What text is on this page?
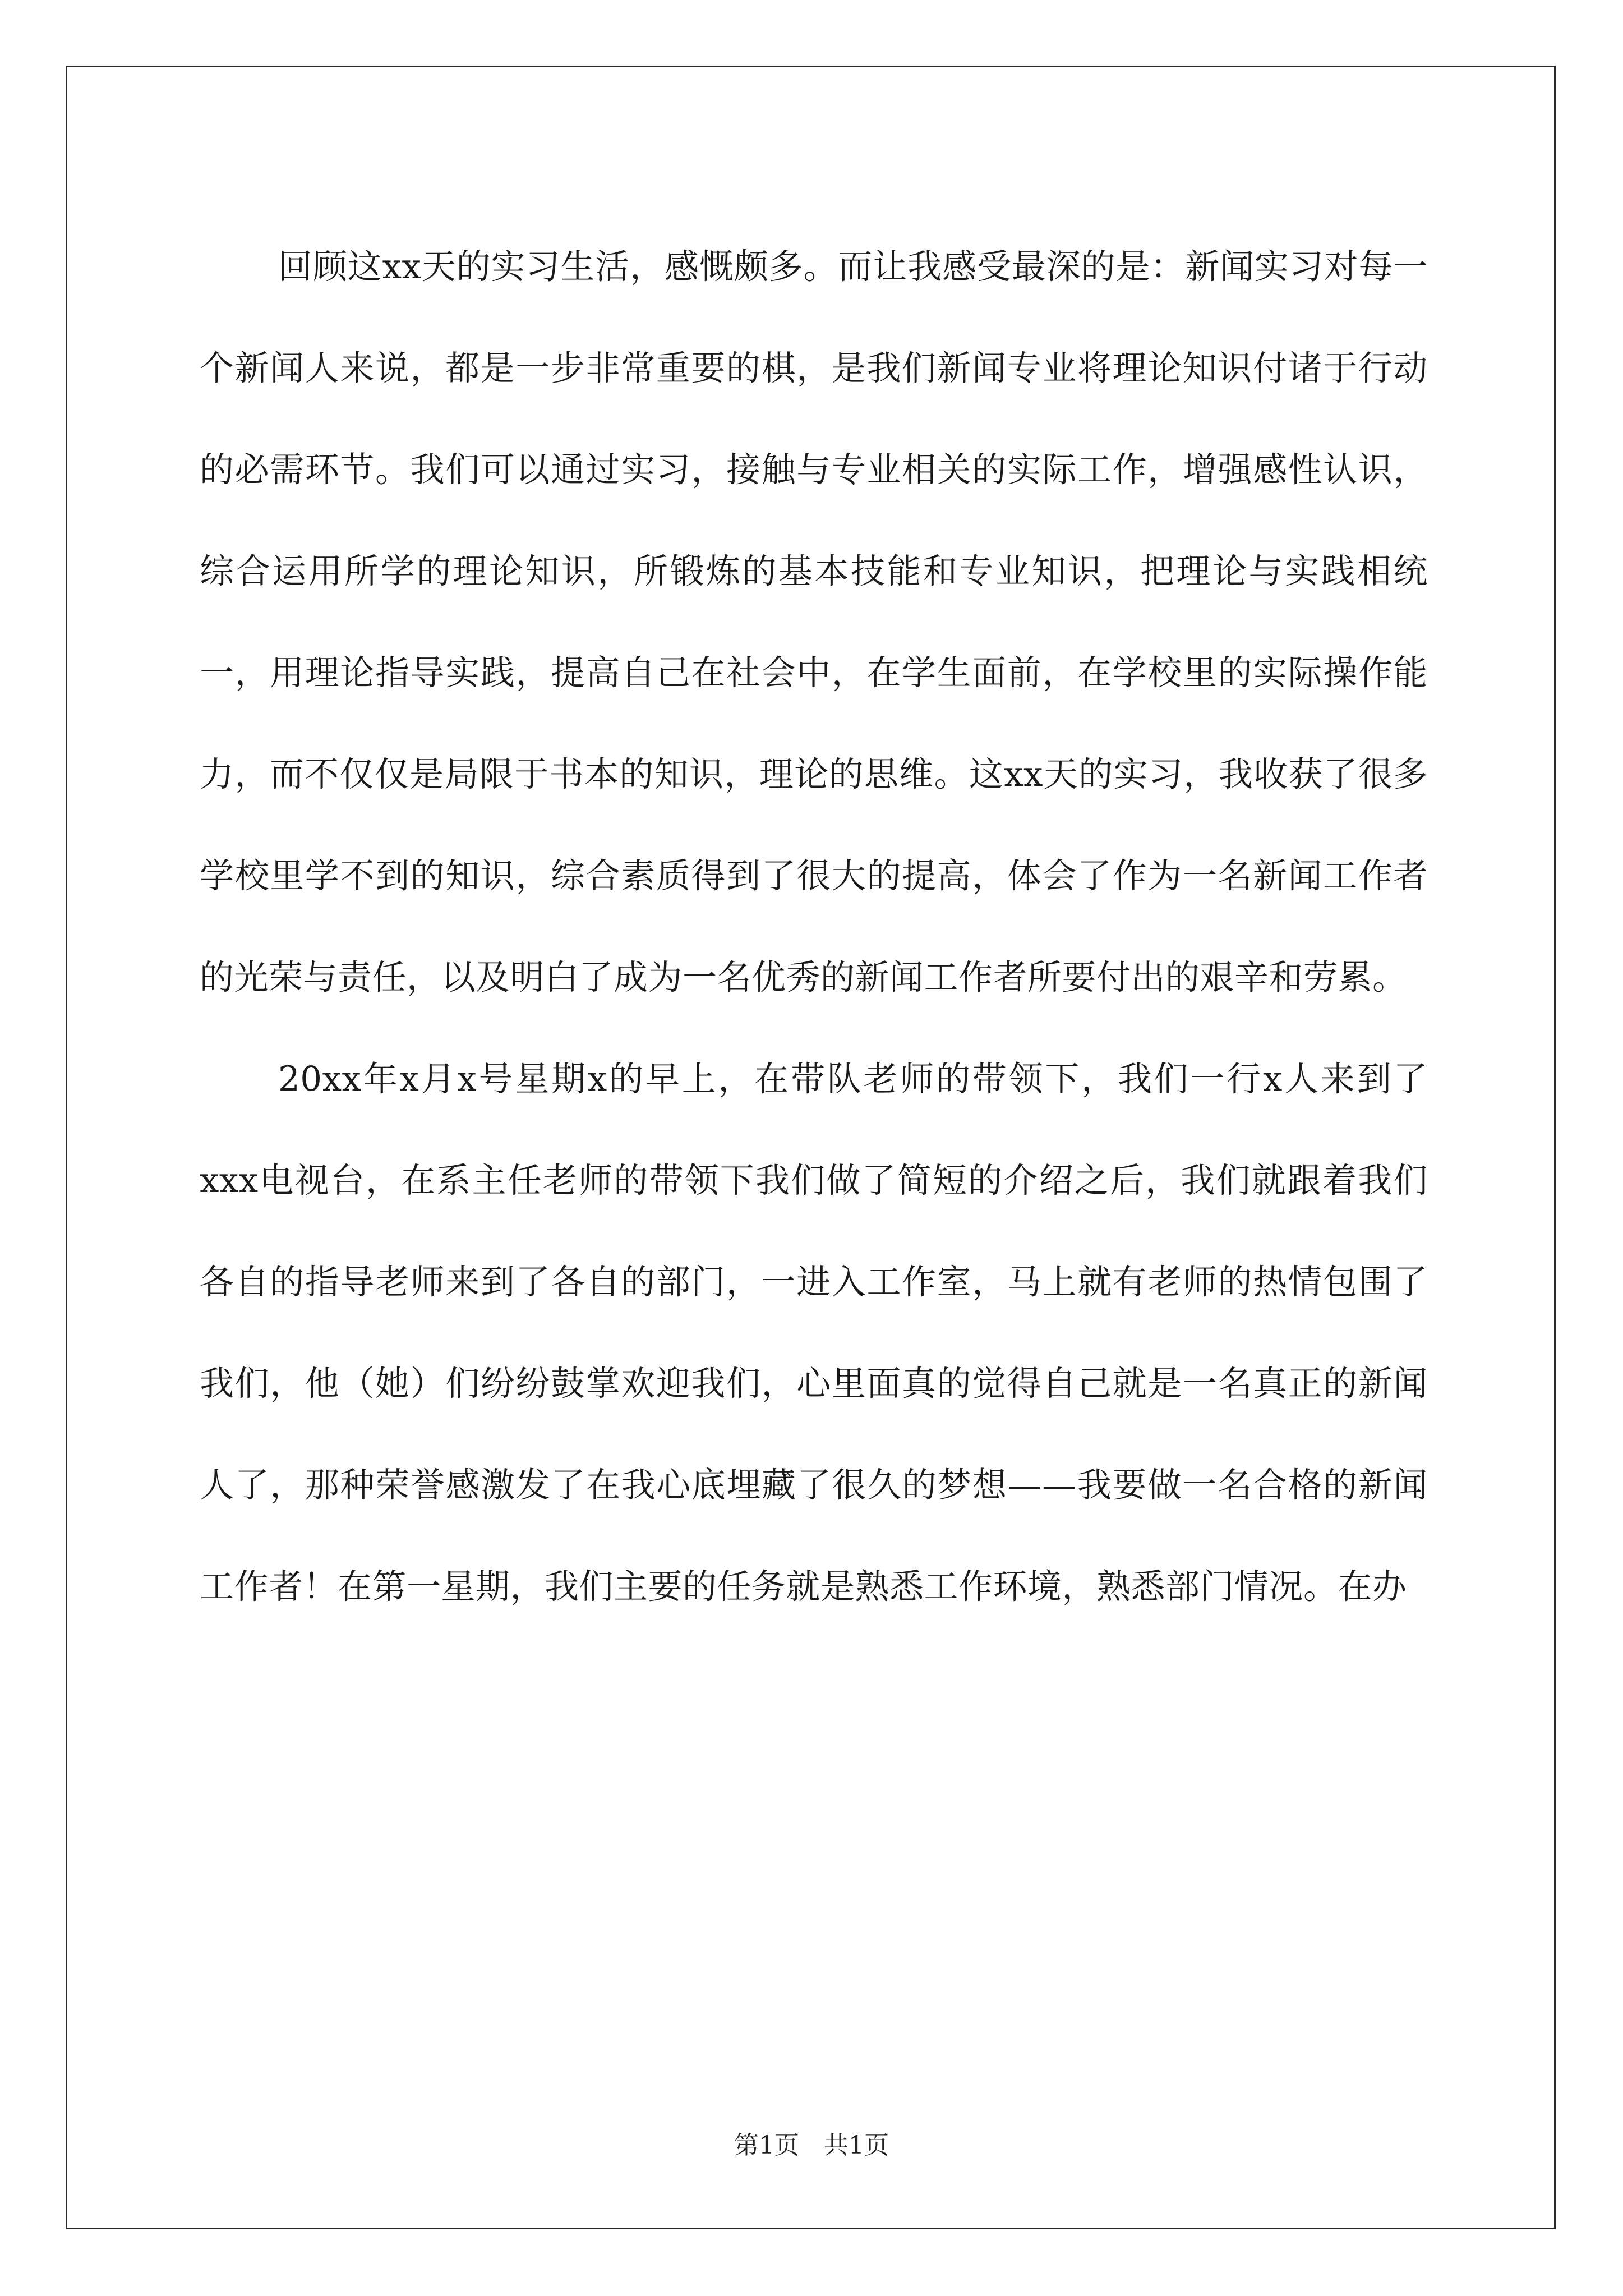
回顾这xx天的实习生活，感慨颇多。而让我感受最深的是：新闻实习对每一个新闻人来说，都是一步非常重要的棋，是我们新闻专业将理论知识付诸于行动的必需环节。我们可以通过实习，接触与专业相关的实际工作，增强感性认识，综合运用所学的理论知识，所锻炼的基本技能和专业知识，把理论与实践相统一，用理论指导实践，提高自己在社会中，在学生面前，在学校里的实际操作能力，而不仅仅是局限于书本的知识，理论的思维。这xx天的实习，我收获了很多学校里学不到的知识，综合素质得到了很大的提高，体会了作为一名新闻工作者的光荣与责任，以及明白了成为一名优秀的新闻工作者所要付出的艰辛和劳累。

20xx年x月x号星期x的早上，在带队老师的带领下，我们一行x人来到了xxx电视台，在系主任老师的带领下我们做了简短的介绍之后，我们就跟着我们各自的指导老师来到了各自的部门，一进入工作室，马上就有老师的热情包围了我们，他（她）们纷纷鼓掌欢迎我们，心里面真的觉得自己就是一名真正的新闻人了，那种荣誉感激发了在我心底埋藏了很久的梦想——我要做一名合格的新闻工作者！在第一星期，我们主要的任务就是熟悉工作环境，熟悉部门情况。在办

第1页　共1页
